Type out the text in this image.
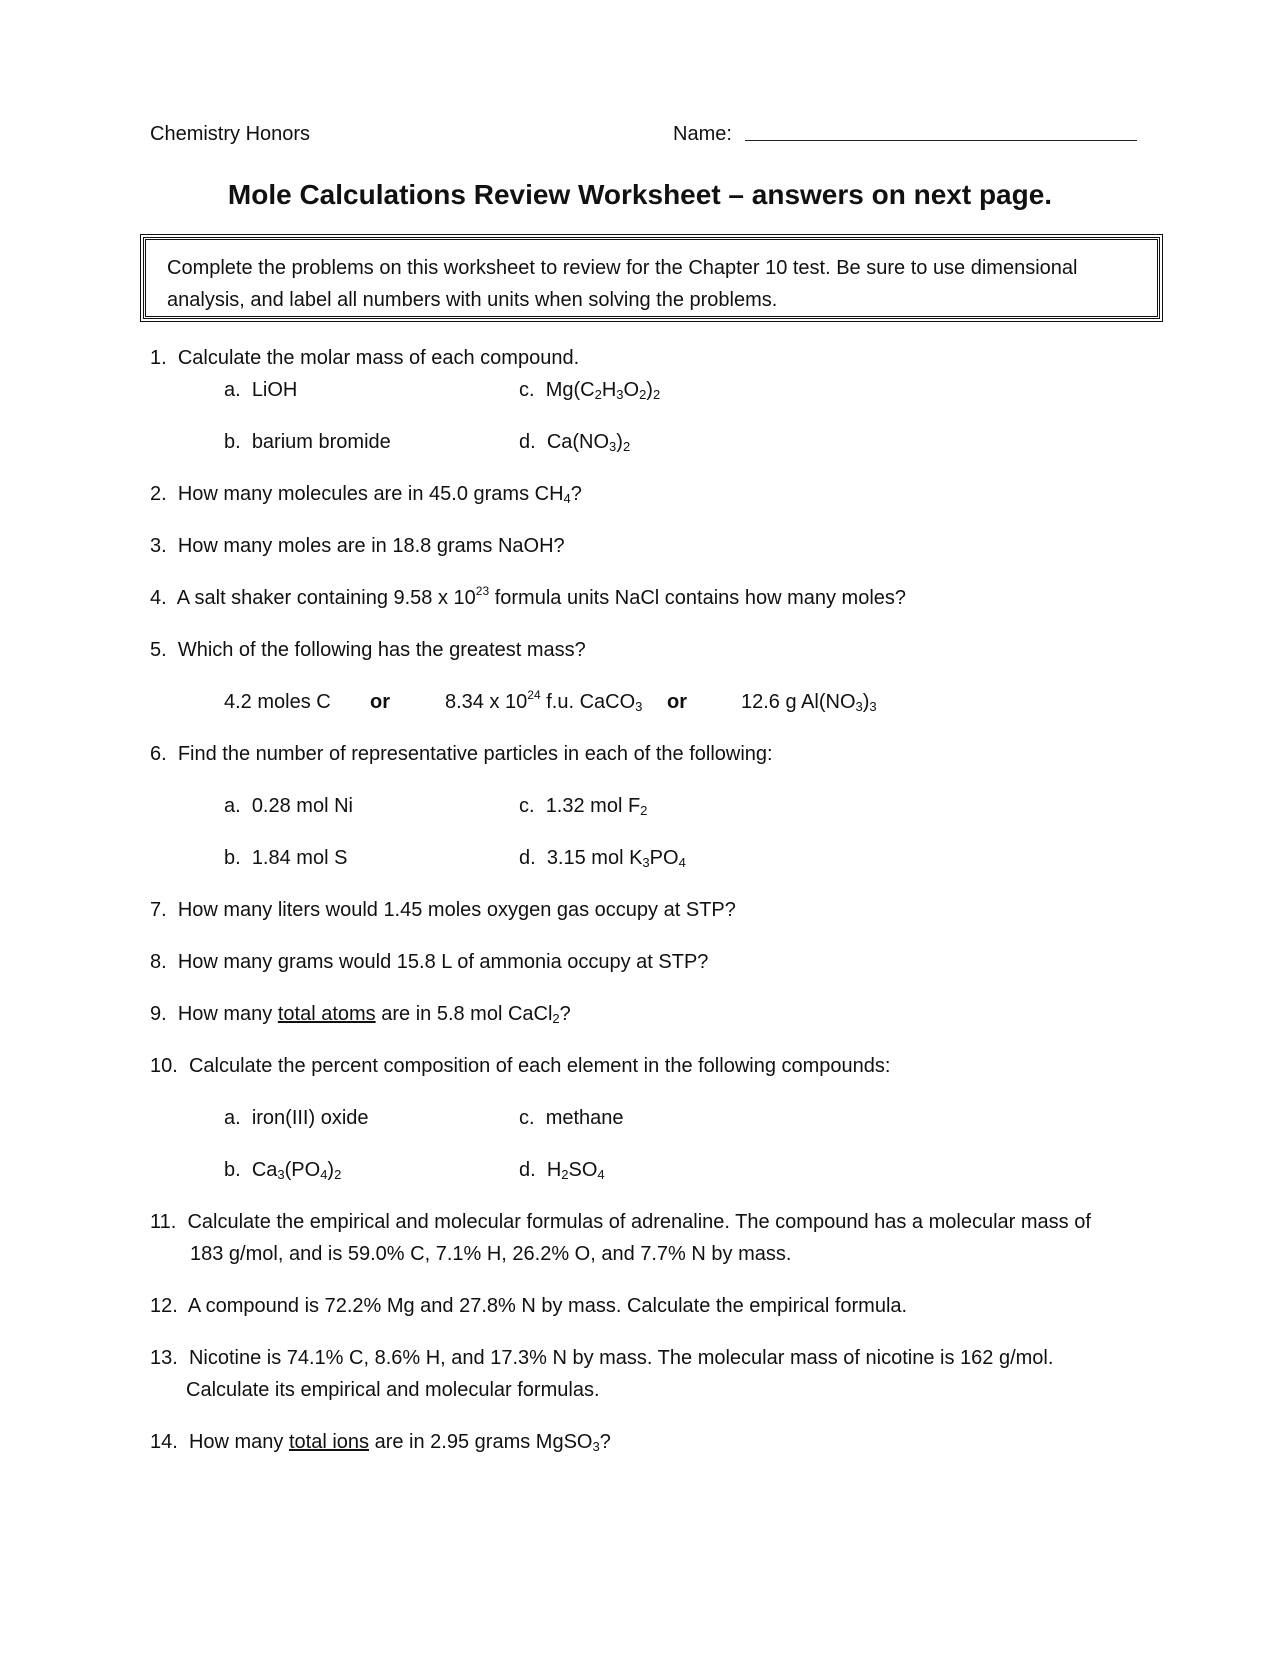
Chemistry Honors	Name:
Mole Calculations Review Worksheet – answers on next page.
Complete the problems on this worksheet to review for the Chapter 10 test. Be sure to use dimensional analysis, and label all numbers with units when solving the problems.
1. Calculate the molar mass of each compound.
a. LiOH	c. $Mg(C_2H_3O_2)_2$
b. barium bromide	d. $Ca(NO_3)_2$
2. How many molecules are in 45.0 grams $CH_4$?
3. How many moles are in 18.8 grams NaOH?
4. A salt shaker containing 9.58 x $10^{23}$ formula units NaCl contains how many moles?
5. Which of the following has the greatest mass?
4.2 moles C or	8.34 x $10^{24}$ f.u. CaCO$_3$ or	12.6 g $Al(NO_3)_3$
6. Find the number of representative particles in each of the following:
a. 0.28 mol Ni	c. 1.32 mol $F_2$
b. 1.84 mol S	d. 3.15 mol $K_3PO_4$
7. How many liters would 1.45 moles oxygen gas occupy at STP?
8. How many grams would 15.8 L of ammonia occupy at STP?
9. How many total atoms are in 5.8 mol CaCl$_2$?
10. Calculate the percent composition of each element in the following compounds:
a. iron(III) oxide	c. methane
b. $Ca_3(PO_4)_2$	d. $H_2SO_4$
11. Calculate the empirical and molecular formulas of adrenaline. The compound has a molecular mass of
183 g/mol, and is 59.0% C, 7.1% H, 26.2% O, and 7.7% N by mass.
12. A compound is 72.2% Mg and 27.8% N by mass. Calculate the empirical formula.
13. Nicotine is 74.1% C, 8.6% H, and 17.3% N by mass. The molecular mass of nicotine is 162 g/mol.
Calculate its empirical and molecular formulas.
14. How many total ions are in 2.95 grams MgSO$_3$?
